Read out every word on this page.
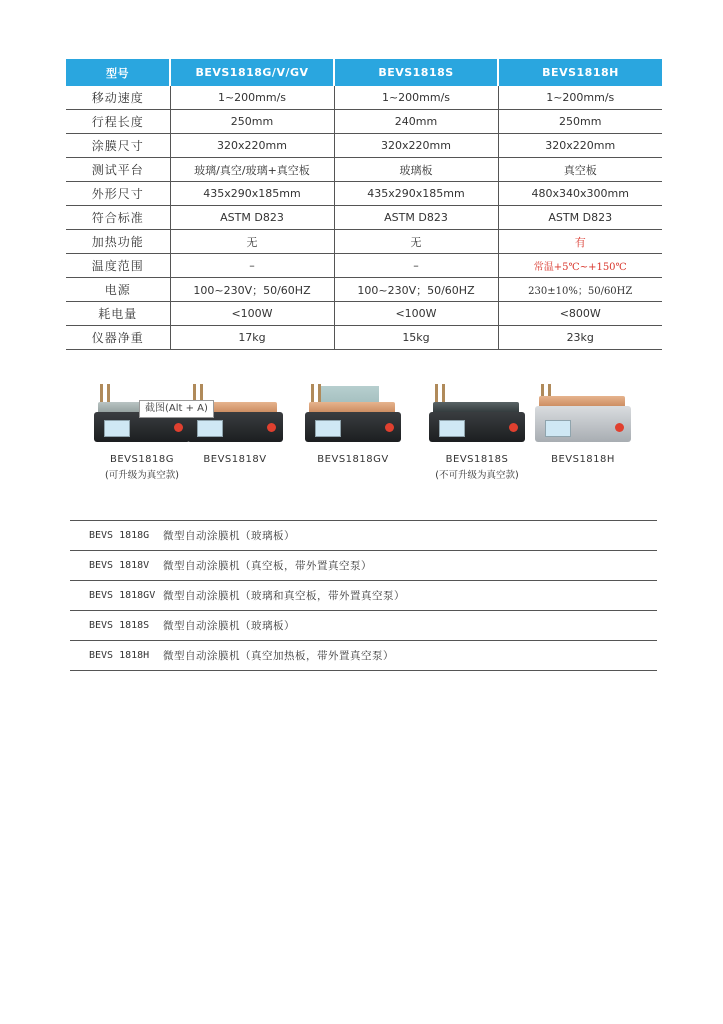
型号	BEVS1818G/V/GV	BEVS1818S	BEVS1818H
移动速度	1~200mm/s	1~200mm/s	1~200mm/s
行程长度	250mm	240mm	250mm
涂膜尺寸	320x220mm	320x220mm	320x220mm
测试平台	玻璃/真空/玻璃+真空板	玻璃板	真空板
外形尺寸	435x290x185mm	435x290x185mm	480x340x300mm
符合标准	ASTM D823	ASTM D823	ASTM D823
加热功能	无	无	有
温度范围	–	–	常温+5℃~+150℃
电源	100~230V；50/60HZ	100~230V；50/60HZ	230±10%；50/60HZ
耗电量	<100W	<100W	<800W
仪器净重	17kg	15kg	23kg
BEVS1818G
(可升级为真空款)
BEVS1818V	BEVS1818GV	BEVS1818S
(不可升级为真空款)
BEVS1818H
截图(Alt + A)
BEVS 1818G	微型自动涂膜机（玻璃板）
BEVS 1818V	微型自动涂膜机（真空板，带外置真空泵）
BEVS 1818GV 微型自动涂膜机（玻璃和真空板，带外置真空泵）
BEVS 1818S	微型自动涂膜机（玻璃板）
BEVS 1818H	微型自动涂膜机（真空加热板，带外置真空泵）
